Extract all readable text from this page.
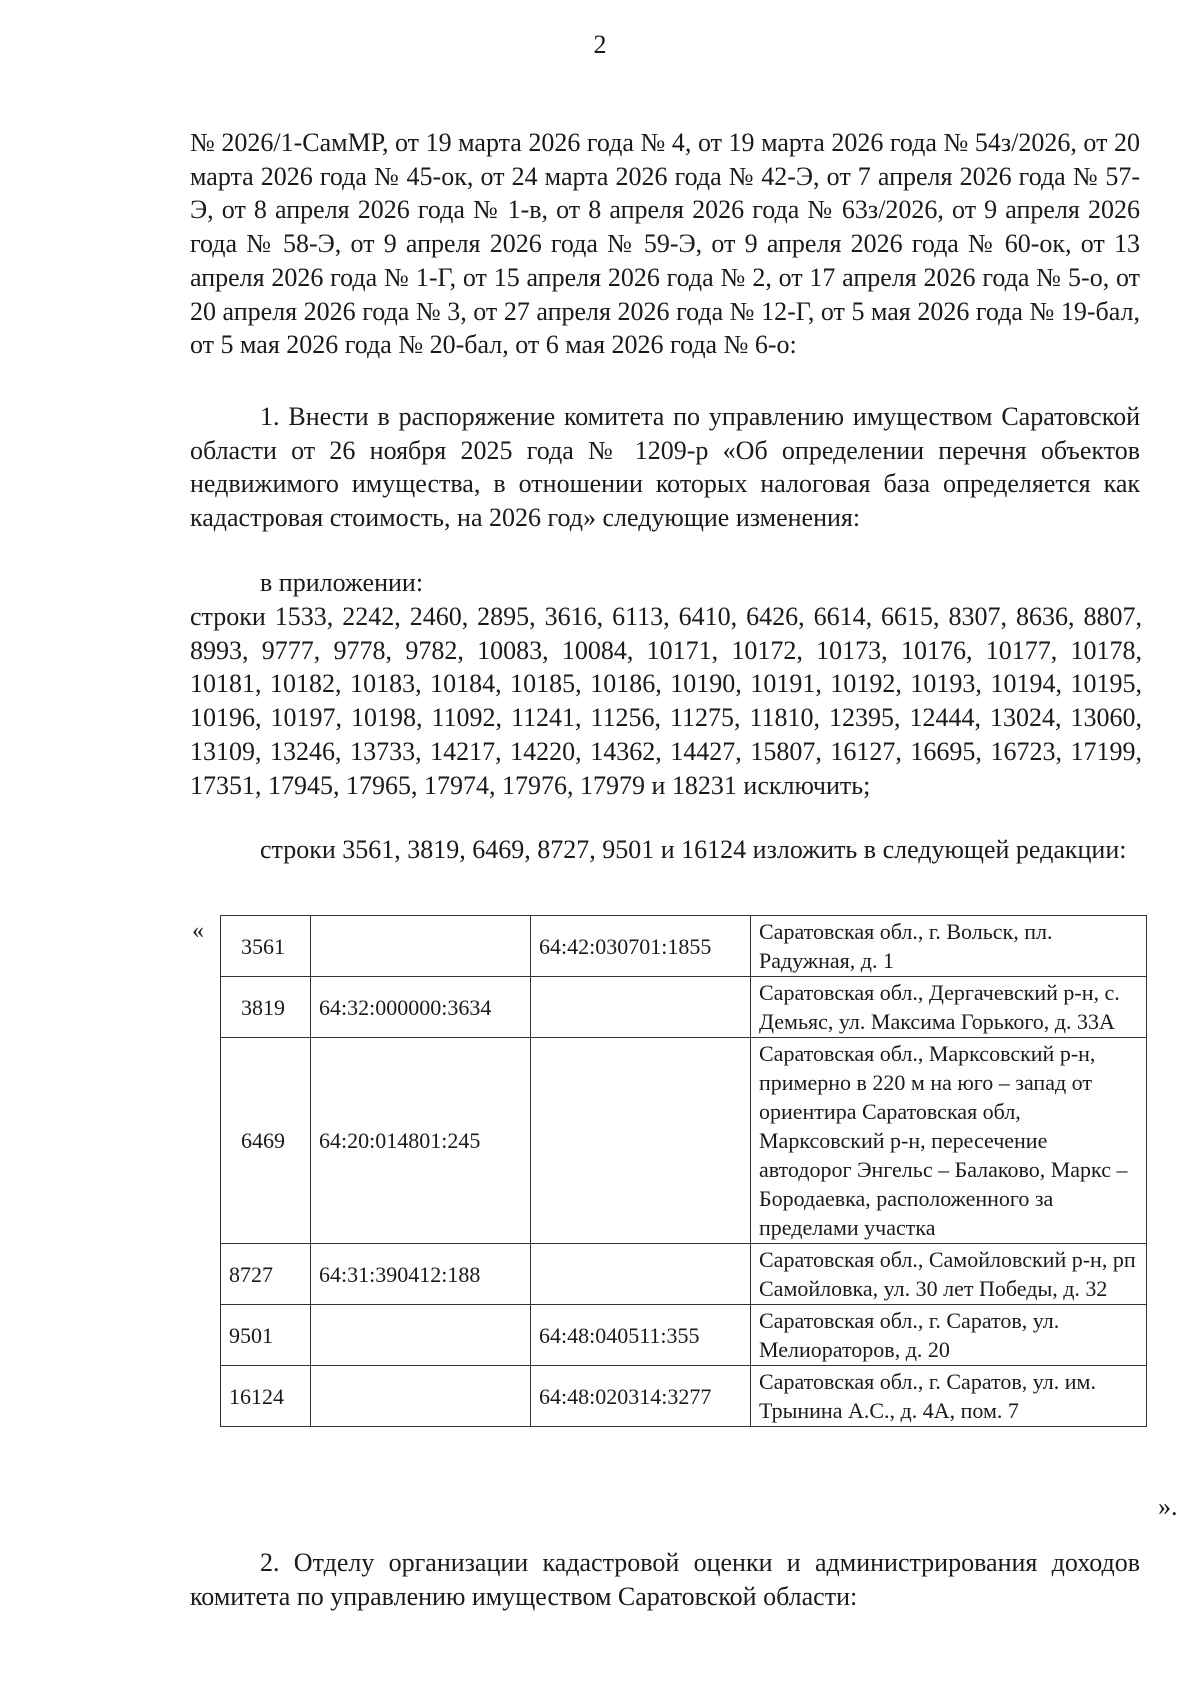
2

№ 2026/1-СамМР, от 19 марта 2026 года № 4, от 19 марта 2026 года № 54з/2026, от 20 марта 2026 года № 45-ок, от 24 марта 2026 года № 42-Э, от 7 апреля 2026 года № 57-Э, от 8 апреля 2026 года № 1-в, от 8 апреля 2026 года № 63з/2026, от 9 апреля 2026 года № 58-Э, от 9 апреля 2026 года № 59-Э, от 9 апреля 2026 года № 60-ок, от 13 апреля 2026 года № 1-Г, от 15 апреля 2026 года № 2, от 17 апреля 2026 года № 5-о, от 20 апреля 2026 года № 3, от 27 апреля 2026 года № 12-Г, от 5 мая 2026 года № 19-бал, от 5 мая 2026 года № 20-бал, от 6 мая 2026 года № 6-о:

1. Внести в распоряжение комитета по управлению имуществом Саратовской области от 26 ноября 2025 года № 1209-р «Об определении перечня объектов недвижимого имущества, в отношении которых налоговая база определяется как кадастровая стоимость, на 2026 год» следующие изменения:

в приложении:

строки 1533, 2242, 2460, 2895, 3616, 6113, 6410, 6426, 6614, 6615, 8307, 8636, 8807, 8993, 9777, 9778, 9782, 10083, 10084, 10171, 10172, 10173, 10176, 10177, 10178, 10181, 10182, 10183, 10184, 10185, 10186, 10190, 10191, 10192, 10193, 10194, 10195, 10196, 10197, 10198, 11092, 11241, 11256, 11275, 11810, 12395, 12444, 13024, 13060, 13109, 13246, 13733, 14217, 14220, 14362, 14427, 15807, 16127, 16695, 16723, 17199, 17351, 17945, 17965, 17974, 17976, 17979 и 18231 исключить;

строки 3561, 3819, 6469, 8727, 9501 и 16124 изложить в следующей редакции:

«
3561		64:42:030701:1855	Саратовская обл., г. Вольск, пл. Радужная, д. 1
3819	64:32:000000:3634		Саратовская обл., Дергачевский р-н, с. Демьяс, ул. Максима Горького, д. 33А
6469	64:20:014801:245		Саратовская обл., Марксовский р-н, примерно в 220 м на юго – запад от ориентира Саратовская обл, Марксовский р-н, пересечение автодорог Энгельс – Балаково, Маркс – Бородаевка, расположенного за пределами участка
8727	64:31:390412:188		Саратовская обл., Самойловский р-н, рп Самойловка, ул. 30 лет Победы, д. 32
9501		64:48:040511:355	Саратовская обл., г. Саратов, ул. Мелиораторов, д. 20
16124		64:48:020314:3277	Саратовская обл., г. Саратов, ул. им. Трынина А.С., д. 4А, пом. 7
».

2. Отделу организации кадастровой оценки и администрирования доходов комитета по управлению имуществом Саратовской области:
